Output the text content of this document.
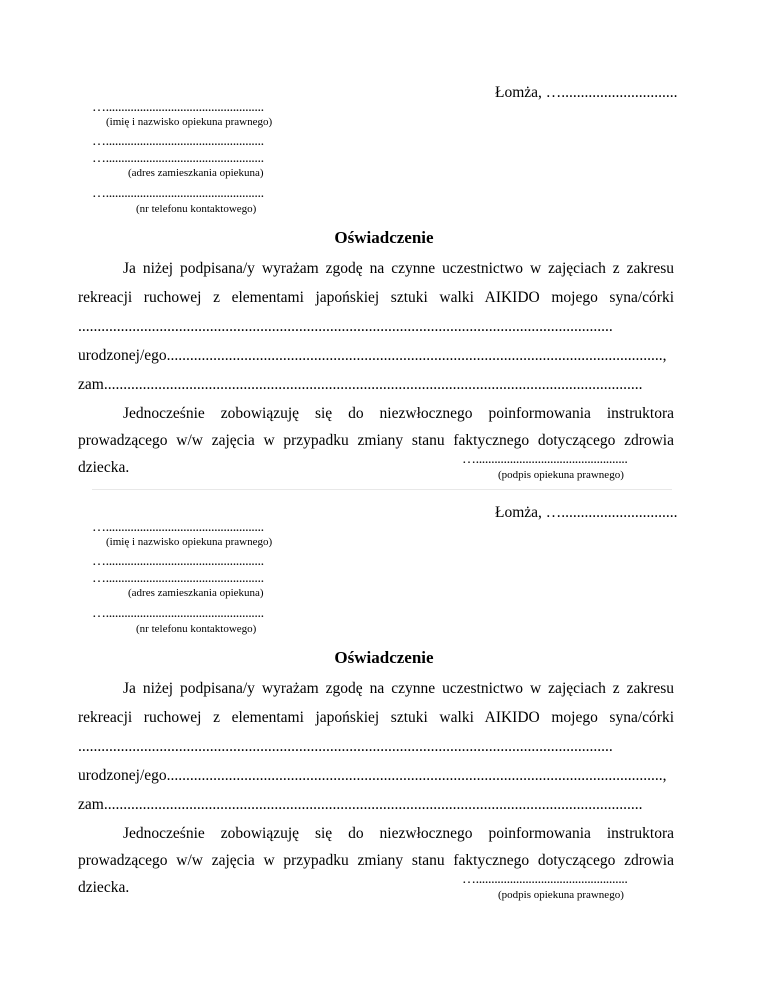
Łomża, …..............................
…...................................................
(imię i nazwisko opiekuna prawnego)
…...................................................
…...................................................
(adres zamieszkania opiekuna)
…...................................................
(nr telefonu kontaktowego)
Oświadczenie
Ja niżej podpisana/y wyrażam zgodę na czynne uczestnictwo w zajęciach z zakresu
rekreacji ruchowej z elementami japońskiej sztuki walki AIKIDO mojego syna/córki
..........................................................................................................................................
urodzonej/ego................................................................................................................................,
zam...........................................................................................................................................
Jednocześnie zobowiązuję się do niezwłocznego poinformowania instruktora
prowadzącego w/w zajęcia w przypadku zmiany stanu faktycznego dotyczącego zdrowia
dziecka.	….................................................
(podpis opiekuna prawnego)
Łomża, …..............................
…...................................................
(imię i nazwisko opiekuna prawnego)
…...................................................
…...................................................
(adres zamieszkania opiekuna)
…...................................................
(nr telefonu kontaktowego)
Oświadczenie
Ja niżej podpisana/y wyrażam zgodę na czynne uczestnictwo w zajęciach z zakresu
rekreacji ruchowej z elementami japońskiej sztuki walki AIKIDO mojego syna/córki
..........................................................................................................................................
urodzonej/ego................................................................................................................................,
zam...........................................................................................................................................
Jednocześnie zobowiązuję się do niezwłocznego poinformowania instruktora
prowadzącego w/w zajęcia w przypadku zmiany stanu faktycznego dotyczącego zdrowia
dziecka.	….................................................
(podpis opiekuna prawnego)
